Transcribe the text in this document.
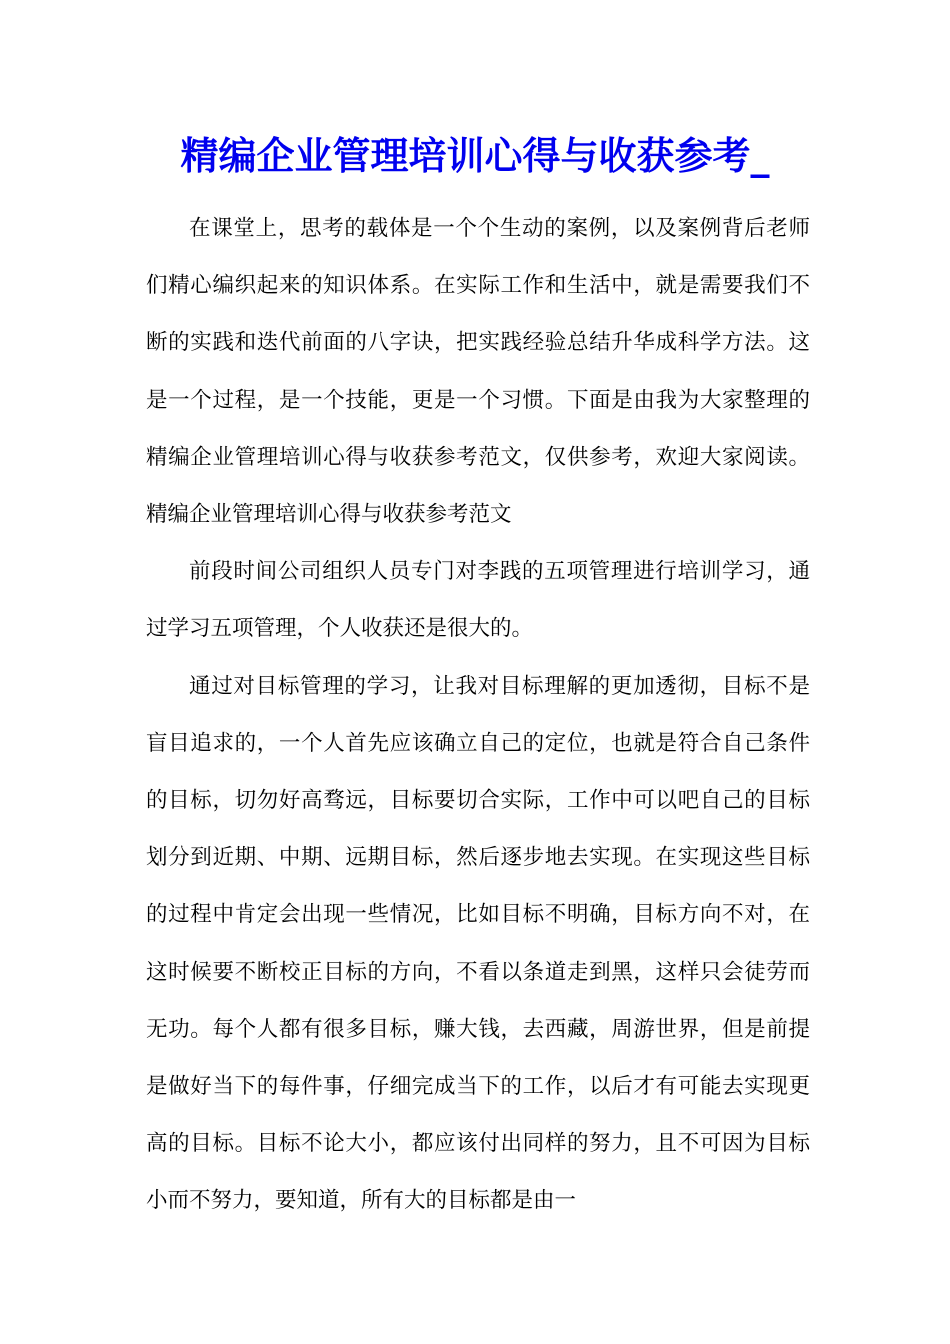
精编企业管理培训心得与收获参考_

在课堂上，思考的载体是一个个生动的案例，以及案例背后老师们精心编织起来的知识体系。在实际工作和生活中，就是需要我们不断的实践和迭代前面的八字诀，把实践经验总结升华成科学方法。这是一个过程，是一个技能，更是一个习惯。下面是由我为大家整理的精编企业管理培训心得与收获参考范文，仅供参考，欢迎大家阅读。精编企业管理培训心得与收获参考范文

前段时间公司组织人员专门对李践的五项管理进行培训学习，通过学习五项管理，个人收获还是很大的。

通过对目标管理的学习，让我对目标理解的更加透彻，目标不是盲目追求的，一个人首先应该确立自己的定位，也就是符合自己条件的目标，切勿好高骛远，目标要切合实际，工作中可以吧自己的目标划分到近期、中期、远期目标，然后逐步地去实现。在实现这些目标的过程中肯定会出现一些情况，比如目标不明确，目标方向不对，在这时候要不断校正目标的方向，不看以条道走到黑，这样只会徒劳而无功。每个人都有很多目标，赚大钱，去西藏，周游世界，但是前提是做好当下的每件事，仔细完成当下的工作，以后才有可能去实现更高的目标。目标不论大小，都应该付出同样的努力，且不可因为目标小而不努力，要知道，所有大的目标都是由一
